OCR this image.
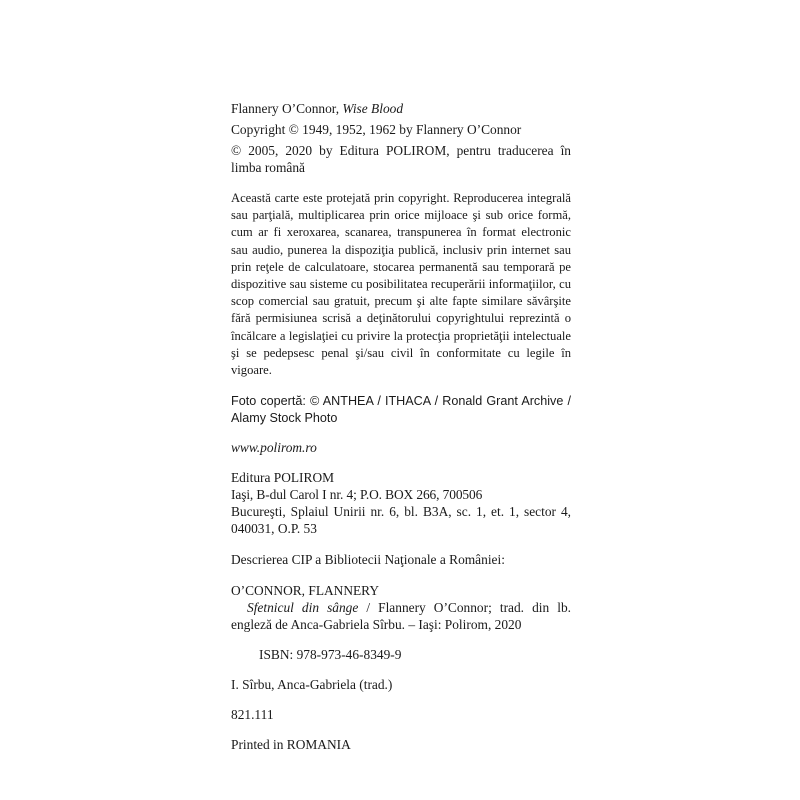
Flannery O’Connor, Wise Blood

Copyright © 1949, 1952, 1962 by Flannery O’Connor

© 2005, 2020 by Editura POLIROM, pentru traducerea în limba română

Această carte este protejată prin copyright. Reproducerea integrală sau parţială, multiplicarea prin orice mijloace şi sub orice formă, cum ar fi xeroxarea, scanarea, transpunerea în format electronic sau audio, punerea la dispoziţia publică, inclusiv prin internet sau prin reţele de calculatoare, stocarea permanentă sau temporară pe dispozitive sau sisteme cu posibilitatea recuperării informaţiilor, cu scop comercial sau gratuit, precum şi alte fapte similare săvârşite fără permisiunea scrisă a deţinătorului copyrightului reprezintă o încălcare a legislaţiei cu privire la protecţia proprietăţii intelectuale şi se pedepsesc penal şi/sau civil în conformitate cu legile în vigoare.

Foto copertă: © ANTHEA / ITHACA / Ronald Grant Archive / Alamy Stock Photo

www.polirom.ro

Editura POLIROM

Iaşi, B-dul Carol I nr. 4; P.O. BOX 266, 700506

Bucureşti, Splaiul Unirii nr. 6, bl. B3A, sc. 1, et. 1, sector 4, 040031, O.P. 53

Descrierea CIP a Bibliotecii Naţionale a României:

O’CONNOR, FLANNERY

Sfetnicul din sânge / Flannery O’Connor; trad. din lb. engleză de Anca-Gabriela Sîrbu. – Iaşi: Polirom, 2020

ISBN: 978-973-46-8349-9

I. Sîrbu, Anca-Gabriela (trad.)

821.111

Printed in ROMANIA
